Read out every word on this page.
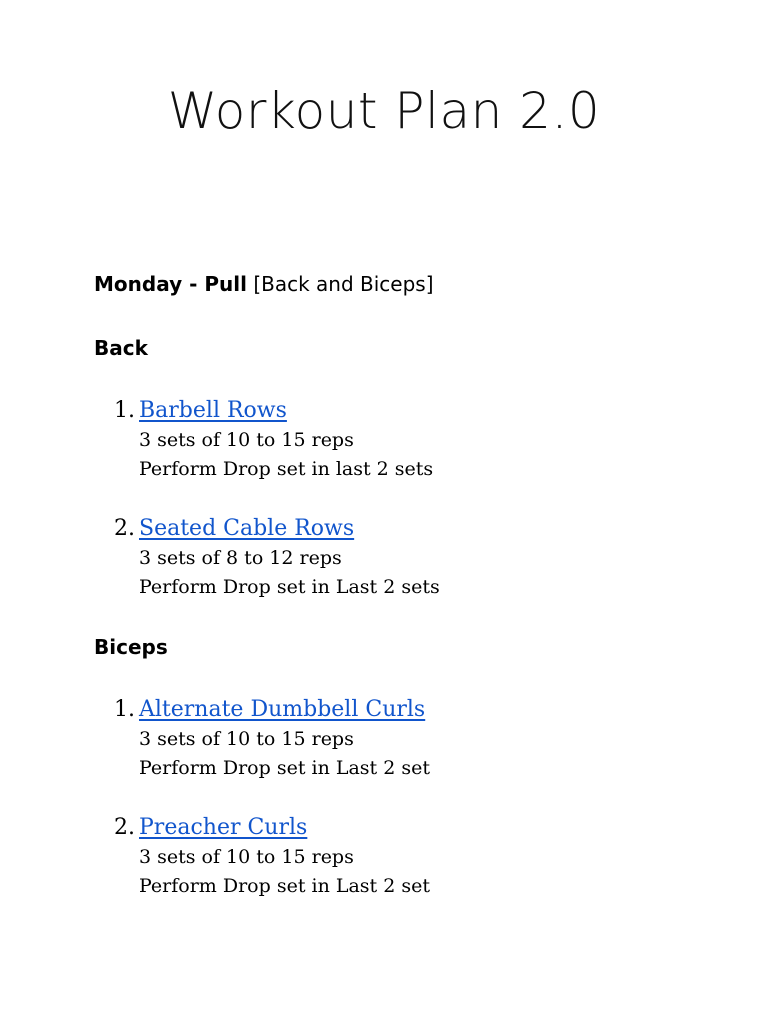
Workout Plan 2.0

Monday - Pull [Back and Biceps]

Back
1. Barbell Rows
3 sets of 10 to 15 reps
Perform Drop set in last 2 sets
2. Seated Cable Rows
3 sets of 8 to 12 reps
Perform Drop set in Last 2 sets
Biceps
1. Alternate Dumbbell Curls
3 sets of 10 to 15 reps
Perform Drop set in Last 2 set
2. Preacher Curls
3 sets of 10 to 15 reps
Perform Drop set in Last 2 set
